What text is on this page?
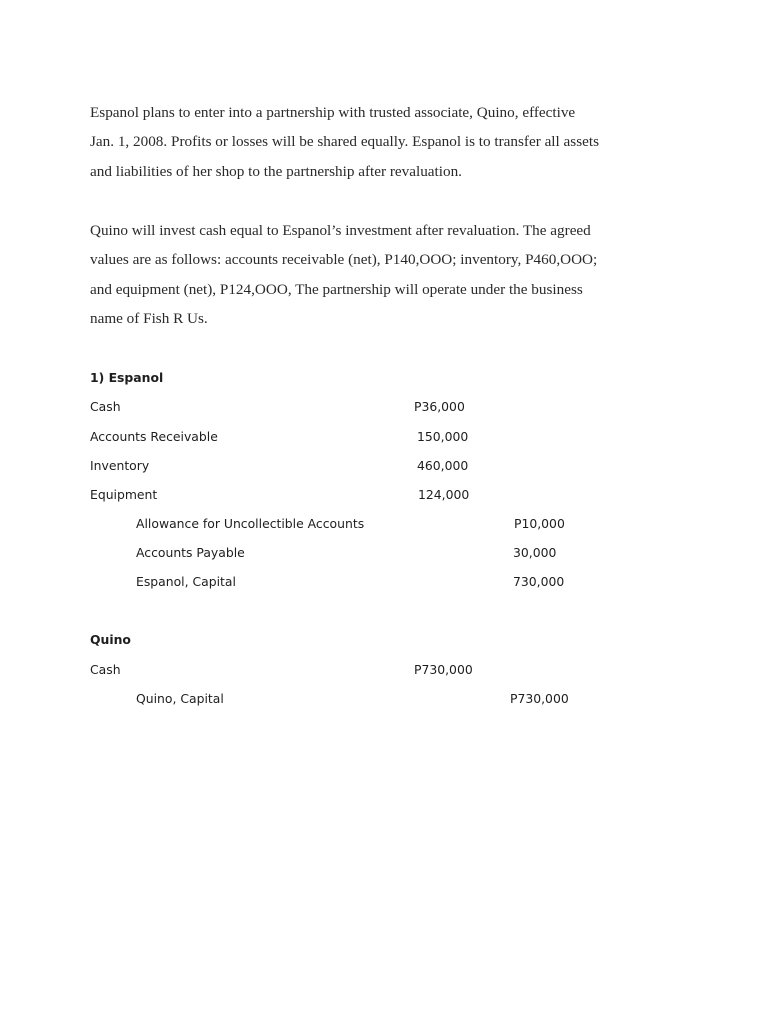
Espanol plans to enter into a partnership with trusted associate, Quino, effective
Jan. 1, 2008. Profits or losses will be shared equally. Espanol is to transfer all assets
and liabilities of her shop to the partnership after revaluation.
Quino will invest cash equal to Espanol’s investment after revaluation. The agreed
values are as follows: accounts receivable (net), P140,OOO; inventory, P460,OOO;
and equipment (net), P124,OOO, The partnership will operate under the business
name of Fish R Us.
1) Espanol
Cash	P36,000
Accounts Receivable	150,000
Inventory	460,000
Equipment	124,000
Allowance for Uncollectible Accounts	P10,000
Accounts Payable	30,000
Espanol, Capital	730,000
Quino
Cash	P730,000
Quino, Capital	P730,000
